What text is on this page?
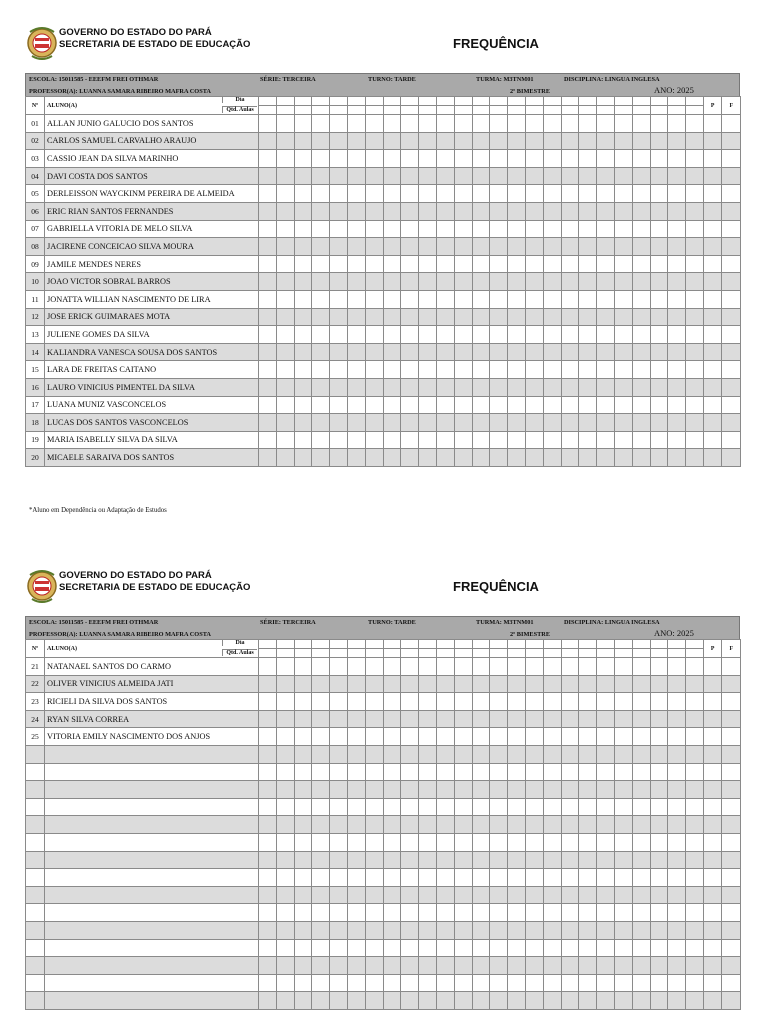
GOVERNO DO ESTADO DO PARÁ
SECRETARIA DE ESTADO DE EDUCAÇÃO	FREQUÊNCIA
ESCOLA: 15011585 - EEEFM FREI OTHMAR	SÉRIE: TERCEIRA	TURNO: TARDE	TURMA: M3TNM01	DISCIPLINA: LINGUA INGLESA
PROFESSOR(A): LUANNA SAMARA RIBEIRO MAFRA COSTA	2º BIMESTRE	ANO: 2025
Nº	ALUNO(A)
Dia
Qtd. Aulas																										P	F

01	ALLAN JUNIO GALUCIO DOS SANTOS																											
02	CARLOS SAMUEL CARVALHO ARAUJO																											
03	CASSIO JEAN DA SILVA MARINHO																											
04	DAVI COSTA DOS SANTOS																											
05	DERLEISSON WAYCKINM PEREIRA DE ALMEIDA																											
06	ERIC RIAN SANTOS FERNANDES																											
07	GABRIELLA VITORIA DE MELO SILVA																											
08	JACIRENE CONCEICAO SILVA MOURA																											
09	JAMILE MENDES NERES																											
10	JOAO VICTOR SOBRAL BARROS																											
11	JONATTA WILLIAN NASCIMENTO DE LIRA																											
12	JOSE ERICK GUIMARAES MOTA																											
13	JULIENE GOMES DA SILVA																											
14	KALIANDRA VANESCA SOUSA DOS SANTOS																											
15	LARA DE FREITAS CAITANO																											
16	LAURO VINICIUS PIMENTEL DA SILVA																											
17	LUANA MUNIZ VASCONCELOS																											
18	LUCAS DOS SANTOS VASCONCELOS																											
19	MARIA ISABELLY SILVA DA SILVA																											
20	MICAELE SARAIVA DOS SANTOS																											
*Aluno em Dependência ou Adaptação de Estudos
GOVERNO DO ESTADO DO PARÁ
SECRETARIA DE ESTADO DE EDUCAÇÃO	FREQUÊNCIA
ESCOLA: 15011585 - EEEFM FREI OTHMAR	SÉRIE: TERCEIRA	TURNO: TARDE	TURMA: M3TNM01	DISCIPLINA: LINGUA INGLESA
PROFESSOR(A): LUANNA SAMARA RIBEIRO MAFRA COSTA	2º BIMESTRE	ANO: 2025
Nº	ALUNO(A)
Dia
Qtd. Aulas																										P	F

21	NATANAEL SANTOS DO CARMO																											
22	OLIVER VINICIUS ALMEIDA JATI																											
23	RICIELI DA SILVA DOS SANTOS																											
24	RYAN SILVA CORREA																											
25	VITORIA EMILY NASCIMENTO DOS ANJOS																											
